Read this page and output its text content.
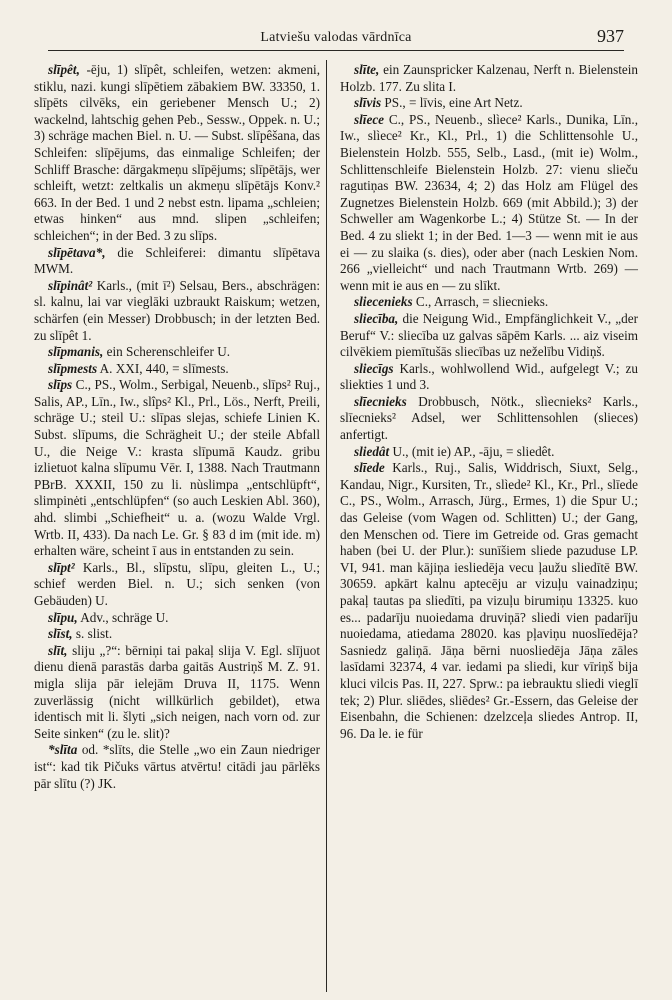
Latviešu valodas vārdnīca	937

slīpêt, -ēju, 1) slīpêt, schleifen, wetzen: akmeni, stiklu, nazi. kungi slīpētiem zābakiem BW. 33350, 1. slīpēts cilvēks, ein geriebener Mensch U.; 2) wackelnd, lahtschig gehen Peb., Sessw., Oppek. n. U.; 3) schräge machen Biel. n. U. — Subst. slīpêšana, das Schleifen: slīpējums, das einmalige Schleifen; der Schliff Brasche: dārgakmeņu slīpējums; slīpētājs, wer schleift, wetzt: zeltkalis un akmeņu slīpētājs Konv.² 663. In der Bed. 1 und 2 nebst estn. lipama „schleien; etwas hinken“ aus mnd. slipen „schleifen; schleichen“; in der Bed. 3 zu slīps.

slīpētava*, die Schleiferei: dimantu slīpētava MWM.

slīpinât² Karls., (mit ī²) Selsau, Bers., abschrägen: sl. kalnu, lai var vieglāki uzbraukt Raiskum; wetzen, schärfen (ein Messer) Drobbusch; in der letzten Bed. zu slīpêt 1.

slīpmanis, ein Scherenschleifer U.

slīpmests A. XXI, 440, = slīmests.

slīps C., PS., Wolm., Serbigal, Neuenb., slīps² Ruj., Salis, AP., Līn., Iw., slîps² Kl., Prl., Lös., Nerft, Preili, schräge U.; steil U.: slīpas slejas, schiefe Linien K. Subst. slīpums, die Schrägheit U.; der steile Abfall U., die Neige V.: krasta slīpumā Kaudz. gribu izlietuot kalna slīpumu Vēr. I, 1388. Nach Trautmann PBrB. XXXII, 150 zu li. nùslimpa „entschlüpft“, slimpinėti „entschlüpfen“ (so auch Leskien Abl. 360), ahd. slimbi „Schiefheit“ u. a. (wozu Walde Vrgl. Wrtb. II, 433). Da nach Le. Gr. § 83 d im (mit ide. m) erhalten wäre, scheint ī aus in entstanden zu sein.

slīpt² Karls., Bl., slīpstu, slīpu, gleiten L., U.; schief werden Biel. n. U.; sich senken (von Gebäuden) U.

slīpu, Adv., schräge U.

slīst, s. slist.

slīt, sliju „?“: bērniņi tai pakaļ slija V. Egl. slījuot dienu dienā parastās darba gaitās Austriņš M. Z. 91. migla slija pār ielejām Druva II, 1175. Wenn zuverlässig (nicht willkürlich gebildet), etwa identisch mit li. šlyti „sich neigen, nach vorn od. zur Seite sinken“ (zu le. slit)?

*slīta od. *slīts, die Stelle „wo ein Zaun niedriger ist“: kad tik Pičuks vārtus atvērtu! citādi jau pārlēks pār slītu (?) JK.

slīte, ein Zaunspricker Kalzenau, Nerft n. Bielenstein Holzb. 177. Zu slita I.

slīvis PS., = līvis, eine Art Netz.

slīece C., PS., Neuenb., slìece² Karls., Dunika, Līn., Iw., slìece² Kr., Kl., Prl., 1) die Schlittensohle U., Bielenstein Holzb. 555, Selb., Lasd., (mit ie) Wolm., Schlittenschleife Bielenstein Holzb. 27: vienu slieču ragutiņas BW. 23634, 4; 2) das Holz am Flügel des Zugnetzes Bielenstein Holzb. 669 (mit Abbild.); 3) der Schweller am Wagenkorbe L.; 4) Stütze St. — In der Bed. 4 zu sliekt 1; in der Bed. 1—3 — wenn mit ie aus ei — zu slaika (s. dies), oder aber (nach Leskien Nom. 266 „vielleicht“ und nach Trautmann Wrtb. 269) — wenn mit ie aus en — zu slīkt.

sliecenieks C., Arrasch, = sliecnieks.

sliecība, die Neigung Wid., Empfänglichkeit V., „der Beruf“ V.: sliecība uz galvas sāpēm Karls. ... aiz viseim cilvēkiem piemītušās sliecības uz neželību Vidiņš.

sliecīgs Karls., wohlwollend Wid., aufgelegt V.; zu sliekties 1 und 3.

slīecnieks Drobbusch, Nötk., slìecnieks² Karls., slīecnieks² Adsel, wer Schlittensohlen (slieces) anfertigt.

sliedât U., (mit ie) AP., -āju, = sliedêt.

slīede Karls., Ruj., Salis, Widdrisch, Siuxt, Selg., Kandau, Nigr., Kursiten, Tr., slìede² Kl., Kr., Prl., slīede C., PS., Wolm., Arrasch, Jürg., Ermes, 1) die Spur U.; das Geleise (vom Wagen od. Schlitten) U.; der Gang, den Menschen od. Tiere im Getreide od. Gras gemacht haben (bei U. der Plur.): sunīšiem sliede pazuduse LP. VI, 941. man kājiņa iesliedēja vecu ļaužu sliedītē BW. 30659. apkārt kalnu aptecēju ar vizuļu vainadziņu; pakaļ tautas pa sliedīti, pa vizuļu birumiņu 13325. kuo es... padarīju nuoiedama druviņā? sliedi vien padarīju nuoiedama, atiedama 28020. kas pļaviņu nuoslīedēja? Sasniedz galiņā. Jāņa bērni nuosliedēja Jāņa zāles lasīdami 32374, 4 var. iedami pa sliedi, kur vīriņš bija kluci vilcis Pas. II, 227. Sprw.: pa iebrauktu sliedi vieglī tek; 2) Plur. sliēdes, sliēdes² Gr.-Essern, das Geleise der Eisenbahn, die Schienen: dzelzceļa sliedes Antrop. II, 96. Da le. ie für
